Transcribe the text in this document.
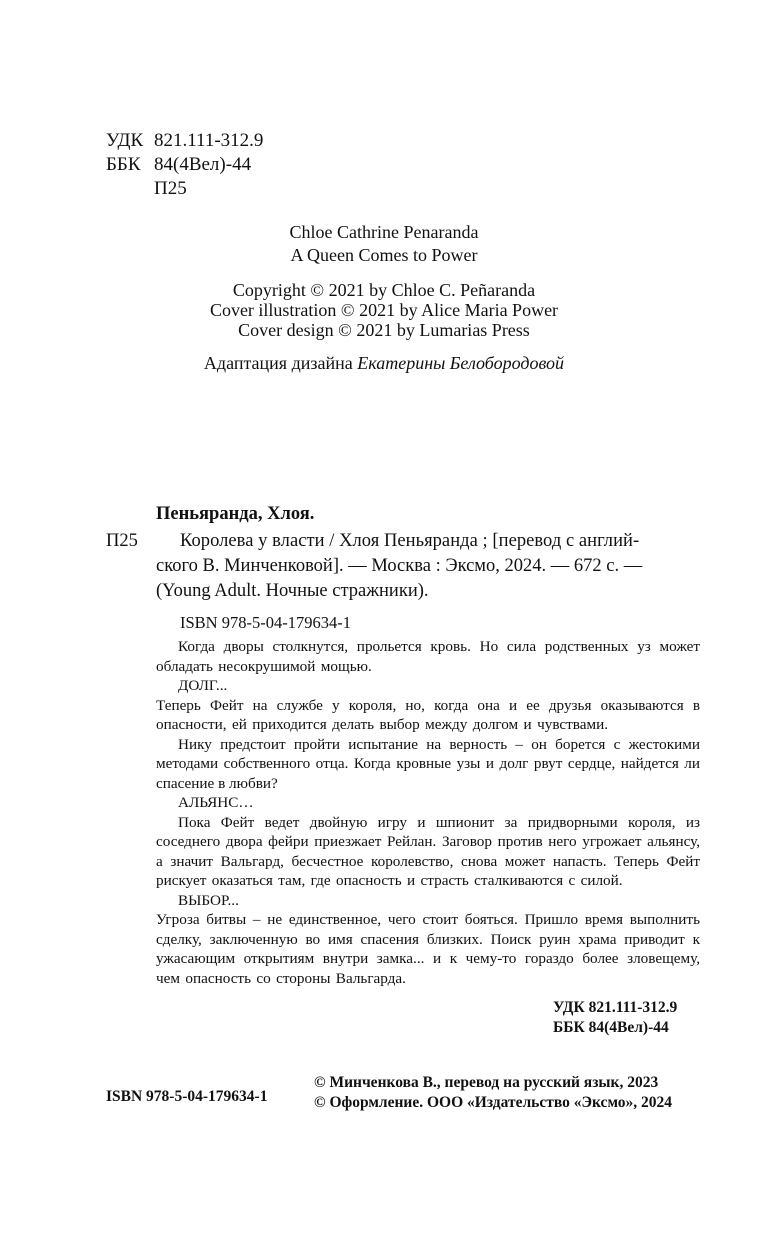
УДК 821.111-312.9
ББК 84(4Вел)-44
П25
Chloe Cathrine Penaranda
A Queen Comes to Power
Copyright © 2021 by Chloe C. Peñaranda
Cover illustration © 2021 by Alice Maria Power
Cover design © 2021 by Lumarias Press
Адаптация дизайна Екатерины Белобородовой
Пеньяранда, Хлоя.
П25 Королева у власти / Хлоя Пеньяранда ; [перевод с англий-
ского В. Минченковой]. — Москва : Эксмо, 2024. — 672 с. —
(Young Adult. Ночные стражники).
ISBN 978-5-04-179634-1

Когда дворы столкнутся, прольется кровь. Но сила родственных уз может обладать несокрушимой мощью.

ДОЛГ...

Теперь Фейт на службе у короля, но, когда она и ее друзья оказываются в опасности, ей приходится делать выбор между долгом и чувствами.

Нику предстоит пройти испытание на верность – он борется с жестокими методами собственного отца. Когда кровные узы и долг рвут сердце, найдется ли спасение в любви?

АЛЬЯНС…

Пока Фейт ведет двойную игру и шпионит за придворными короля, из соседнего двора фейри приезжает Рейлан. Заговор против него угрожает альянсу, а значит Вальгард, бесчестное королевство, снова может напасть. Теперь Фейт рискует оказаться там, где опасность и страсть сталкиваются с силой.

ВЫБОР...

Угроза битвы – не единственное, чего стоит бояться. Пришло время выполнить сделку, заключенную во имя спасения близких. Поиск руин храма приводит к ужасающим открытиям внутри замка... и к чему-то гораздо более зловещему, чем опасность со стороны Вальгарда.

УДК 821.111-312.9
ББК 84(4Вел)-44
ISBN 978-5-04-179634-1
© Минченкова В., перевод на русcкий язык, 2023
© Оформление. ООО «Издательство «Эксмо», 2024
